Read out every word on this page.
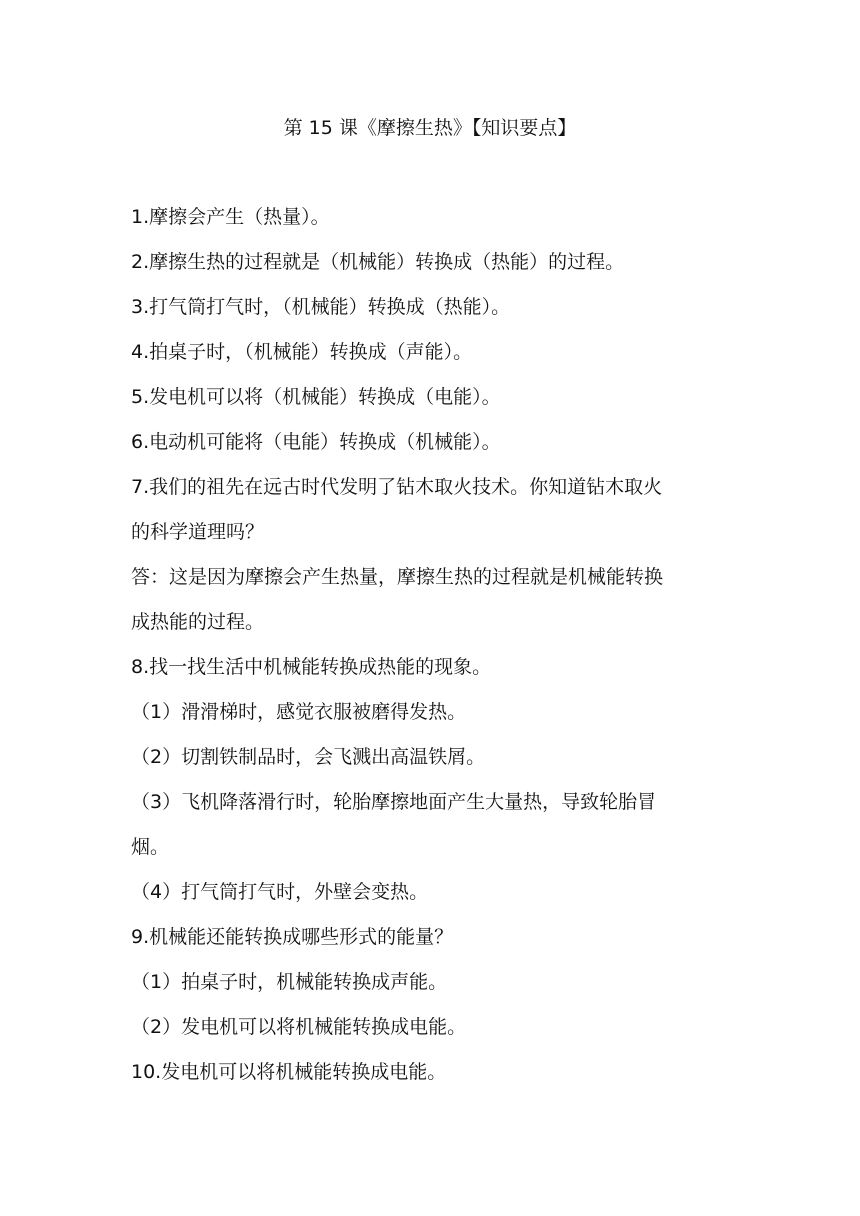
第 15 课《摩擦生热》【知识要点】
1.摩擦会产生（热量）。
2.摩擦生热的过程就是（机械能）转换成（热能）的过程。
3.打气筒打气时，（机械能）转换成（热能）。
4.拍桌子时，（机械能）转换成（声能）。
5.发电机可以将（机械能）转换成（电能）。
6.电动机可能将（电能）转换成（机械能）。
7.我们的祖先在远古时代发明了钻木取火技术。你知道钻木取火
的科学道理吗？
答：这是因为摩擦会产生热量，摩擦生热的过程就是机械能转换
成热能的过程。
8.找一找生活中机械能转换成热能的现象。
（1）滑滑梯时，感觉衣服被磨得发热。
（2）切割铁制品时，会飞溅出高温铁屑。
（3）飞机降落滑行时，轮胎摩擦地面产生大量热，导致轮胎冒
烟。
（4）打气筒打气时，外壁会变热。
9.机械能还能转换成哪些形式的能量？
（1）拍桌子时，机械能转换成声能。
（2）发电机可以将机械能转换成电能。
10.发电机可以将机械能转换成电能。
